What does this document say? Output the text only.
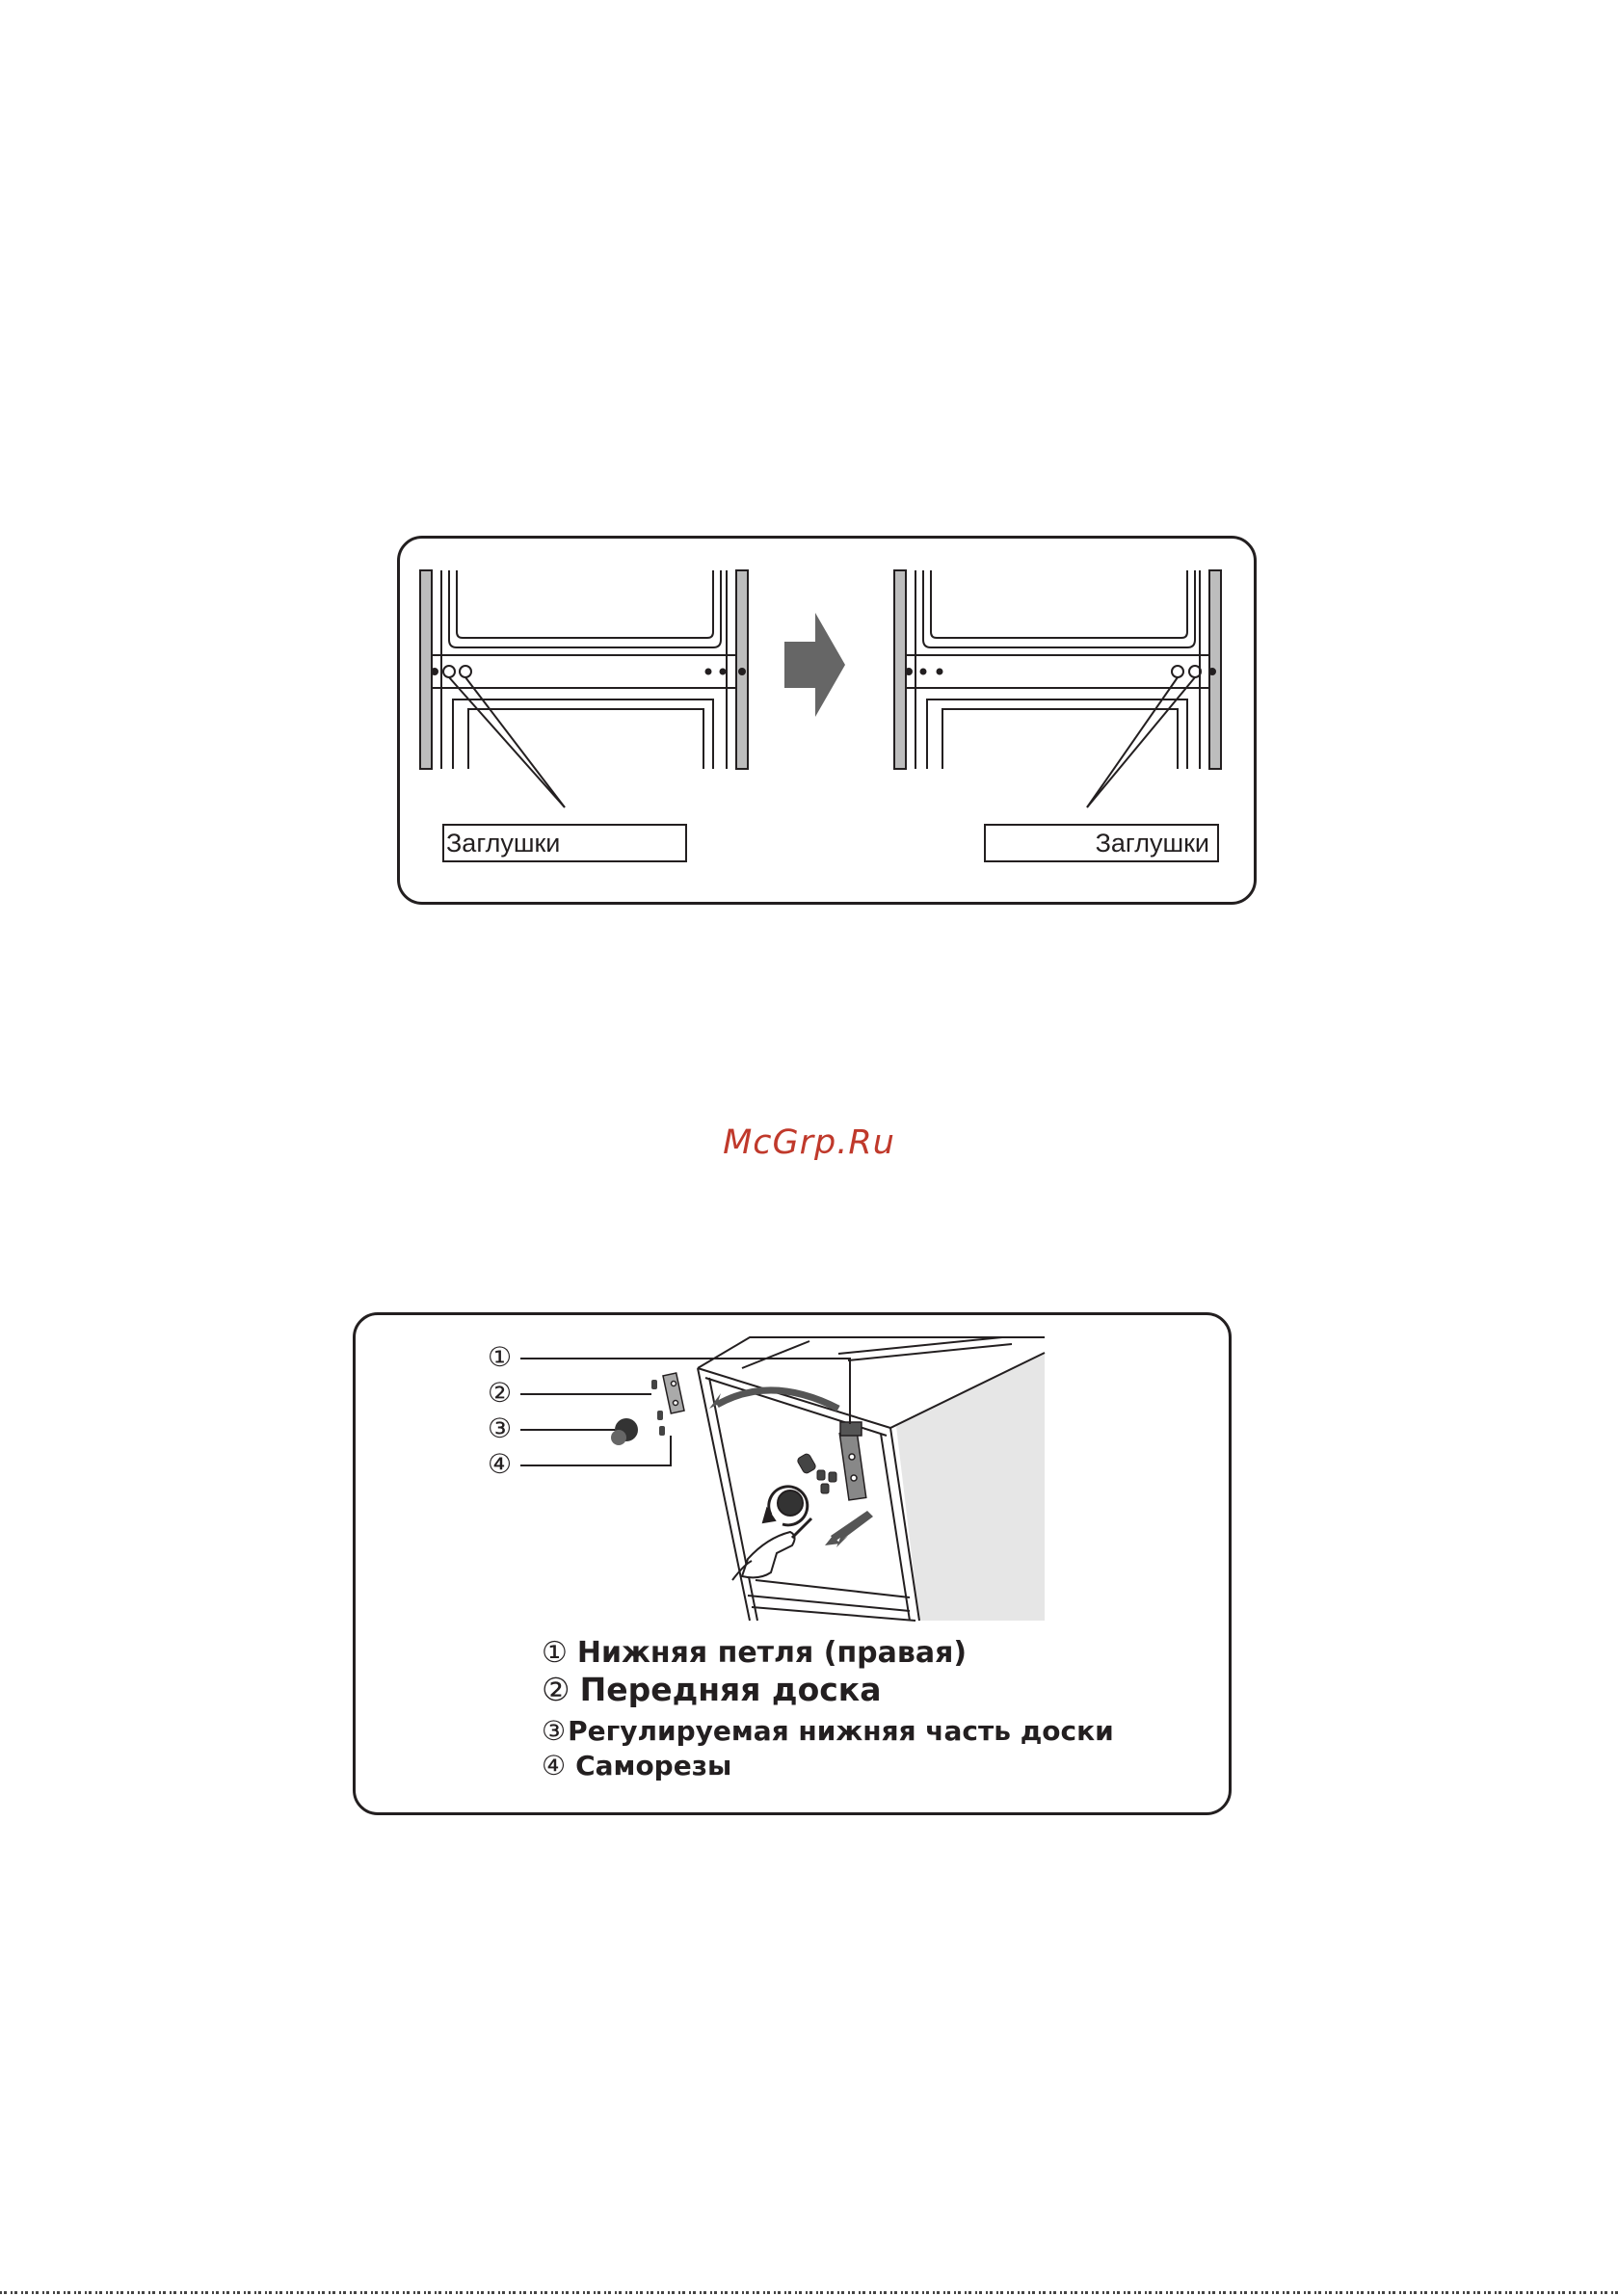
Заглушки	Заглушки
McGrp.Ru
①
②
③
④
① Нижняя петля (правая)
② Передняя доска
③Регулируемая нижняя часть доски
④ Саморезы
